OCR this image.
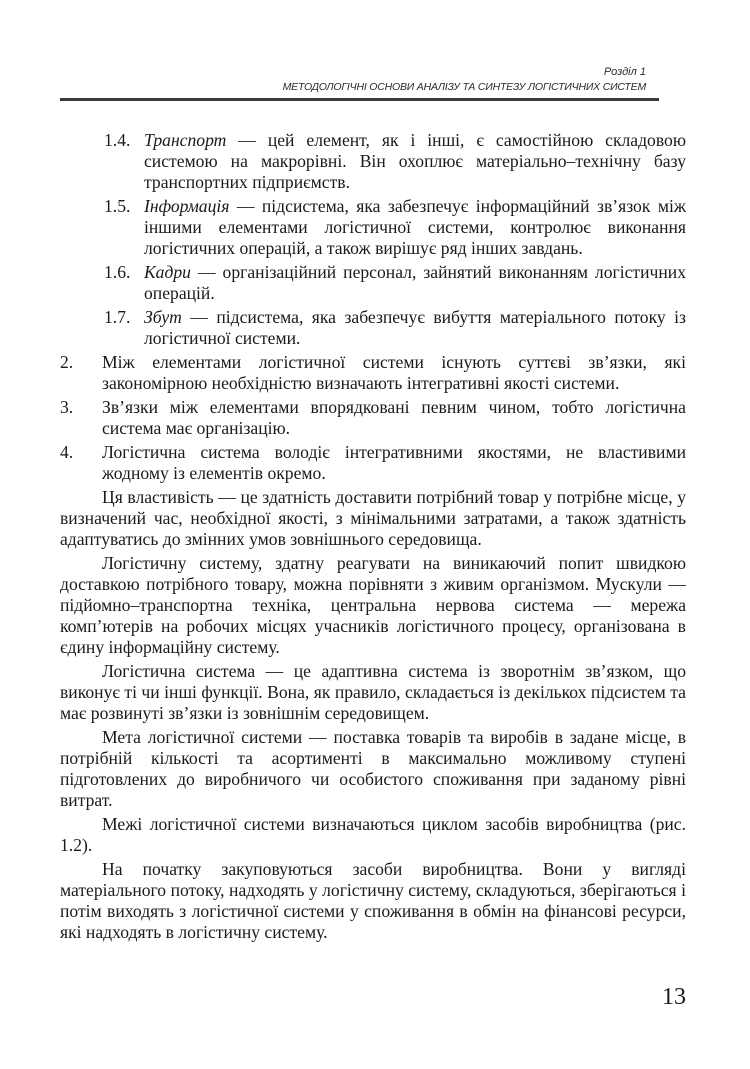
Розділ 1
МЕТОДОЛОГІЧНІ ОСНОВИ АНАЛІЗУ ТА СИНТЕЗУ ЛОГІСТИЧНИХ СИСТЕМ
1.4. Транспорт — цей елемент, як і інші, є самостійною складовою системою на макрорівні. Він охоплює матеріально–технічну базу транспортних підприємств.
1.5. Інформація — підсистема, яка забезпечує інформаційний зв’язок між іншими елементами логістичної системи, контролює виконання логістичних операцій, а також вирішує ряд інших завдань.
1.6. Кадри — організаційний персонал, зайнятий виконанням логістичних операцій.
1.7. Збут — підсистема, яка забезпечує вибуття матеріального потоку із логістичної системи.
2. Між елементами логістичної системи існують суттєві зв’язки, які закономірною необхідністю визначають інтегративні якості системи.
3. Зв’язки між елементами впорядковані певним чином, тобто логістична система має організацію.
4. Логістична система володіє інтегративними якостями, не властивими жодному із елементів окремо.

Ця властивість — це здатність доставити потрібний товар у потрібне місце, у визначений час, необхідної якості, з мінімальними затратами, а також здатність адаптуватись до змінних умов зовнішнього середовища.

Логістичну систему, здатну реагувати на виникаючий попит швидкою доставкою потрібного товару, можна порівняти з живим організмом. Мускули — підйомно–транспортна техніка, центральна нервова система — мережа комп’ютерів на робочих місцях учасників логістичного процесу, організована в єдину інформаційну систему.

Логістична система — це адаптивна система із зворотнім зв’язком, що виконує ті чи інші функції. Вона, як правило, складається із декількох підсистем та має розвинуті зв’язки із зовнішнім середовищем.

Мета логістичної системи — поставка товарів та виробів в задане місце, в потрібній кількості та асортименті в максимально можливому ступені підготовлених до виробничого чи особистого споживання при заданому рівні витрат.

Межі логістичної системи визначаються циклом засобів виробництва (рис. 1.2).

На початку закуповуються засоби виробництва. Вони у вигляді матеріального потоку, надходять у логістичну систему, складуються, зберігаються і потім виходять з логістичної системи у споживання в обмін на фінансові ресурси, які надходять в логістичну систему.

13
